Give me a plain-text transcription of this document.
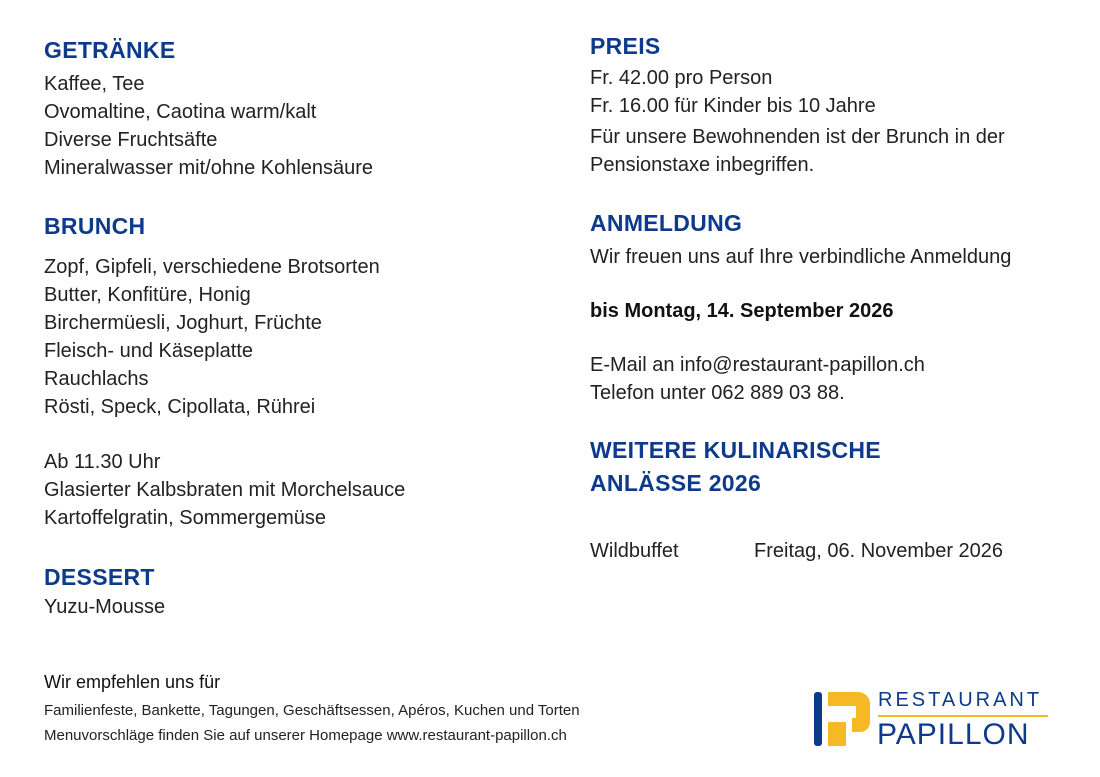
GETRÄNKE
Kaffee, Tee
Ovomaltine, Caotina warm/kalt
Diverse Fruchtsäfte
Mineralwasser mit/ohne Kohlensäure
BRUNCH
Zopf, Gipfeli, verschiedene Brotsorten
Butter, Konfitüre, Honig
Birchermüesli, Joghurt, Früchte
Fleisch- und Käseplatte
Rauchlachs
Rösti, Speck, Cipollata, Rührei
Ab 11.30 Uhr
Glasierter Kalbsbraten mit Morchelsauce
Kartoffelgratin, Sommergemüse
DESSERT
Yuzu-Mousse
PREIS
Fr. 42.00 pro Person
Fr. 16.00 für Kinder bis 10 Jahre
Für unsere Bewohnenden ist der Brunch in der
Pensionstaxe inbegriffen.
ANMELDUNG
Wir freuen uns auf Ihre verbindliche Anmeldung
bis Montag, 14. September 2026
E-Mail an info@restaurant-papillon.ch
Telefon unter 062 889 03 88.
WEITERE KULINARISCHE
ANLÄSSE 2026
Wildbuffet	Freitag, 06. November 2026
Wir empfehlen uns für
Familienfeste, Bankette, Tagungen, Geschäftsessen, Apéros, Kuchen und Torten
Menuvorschläge finden Sie auf unserer Homepage www.restaurant-papillon.ch
RESTAURANT
PAPILLON
